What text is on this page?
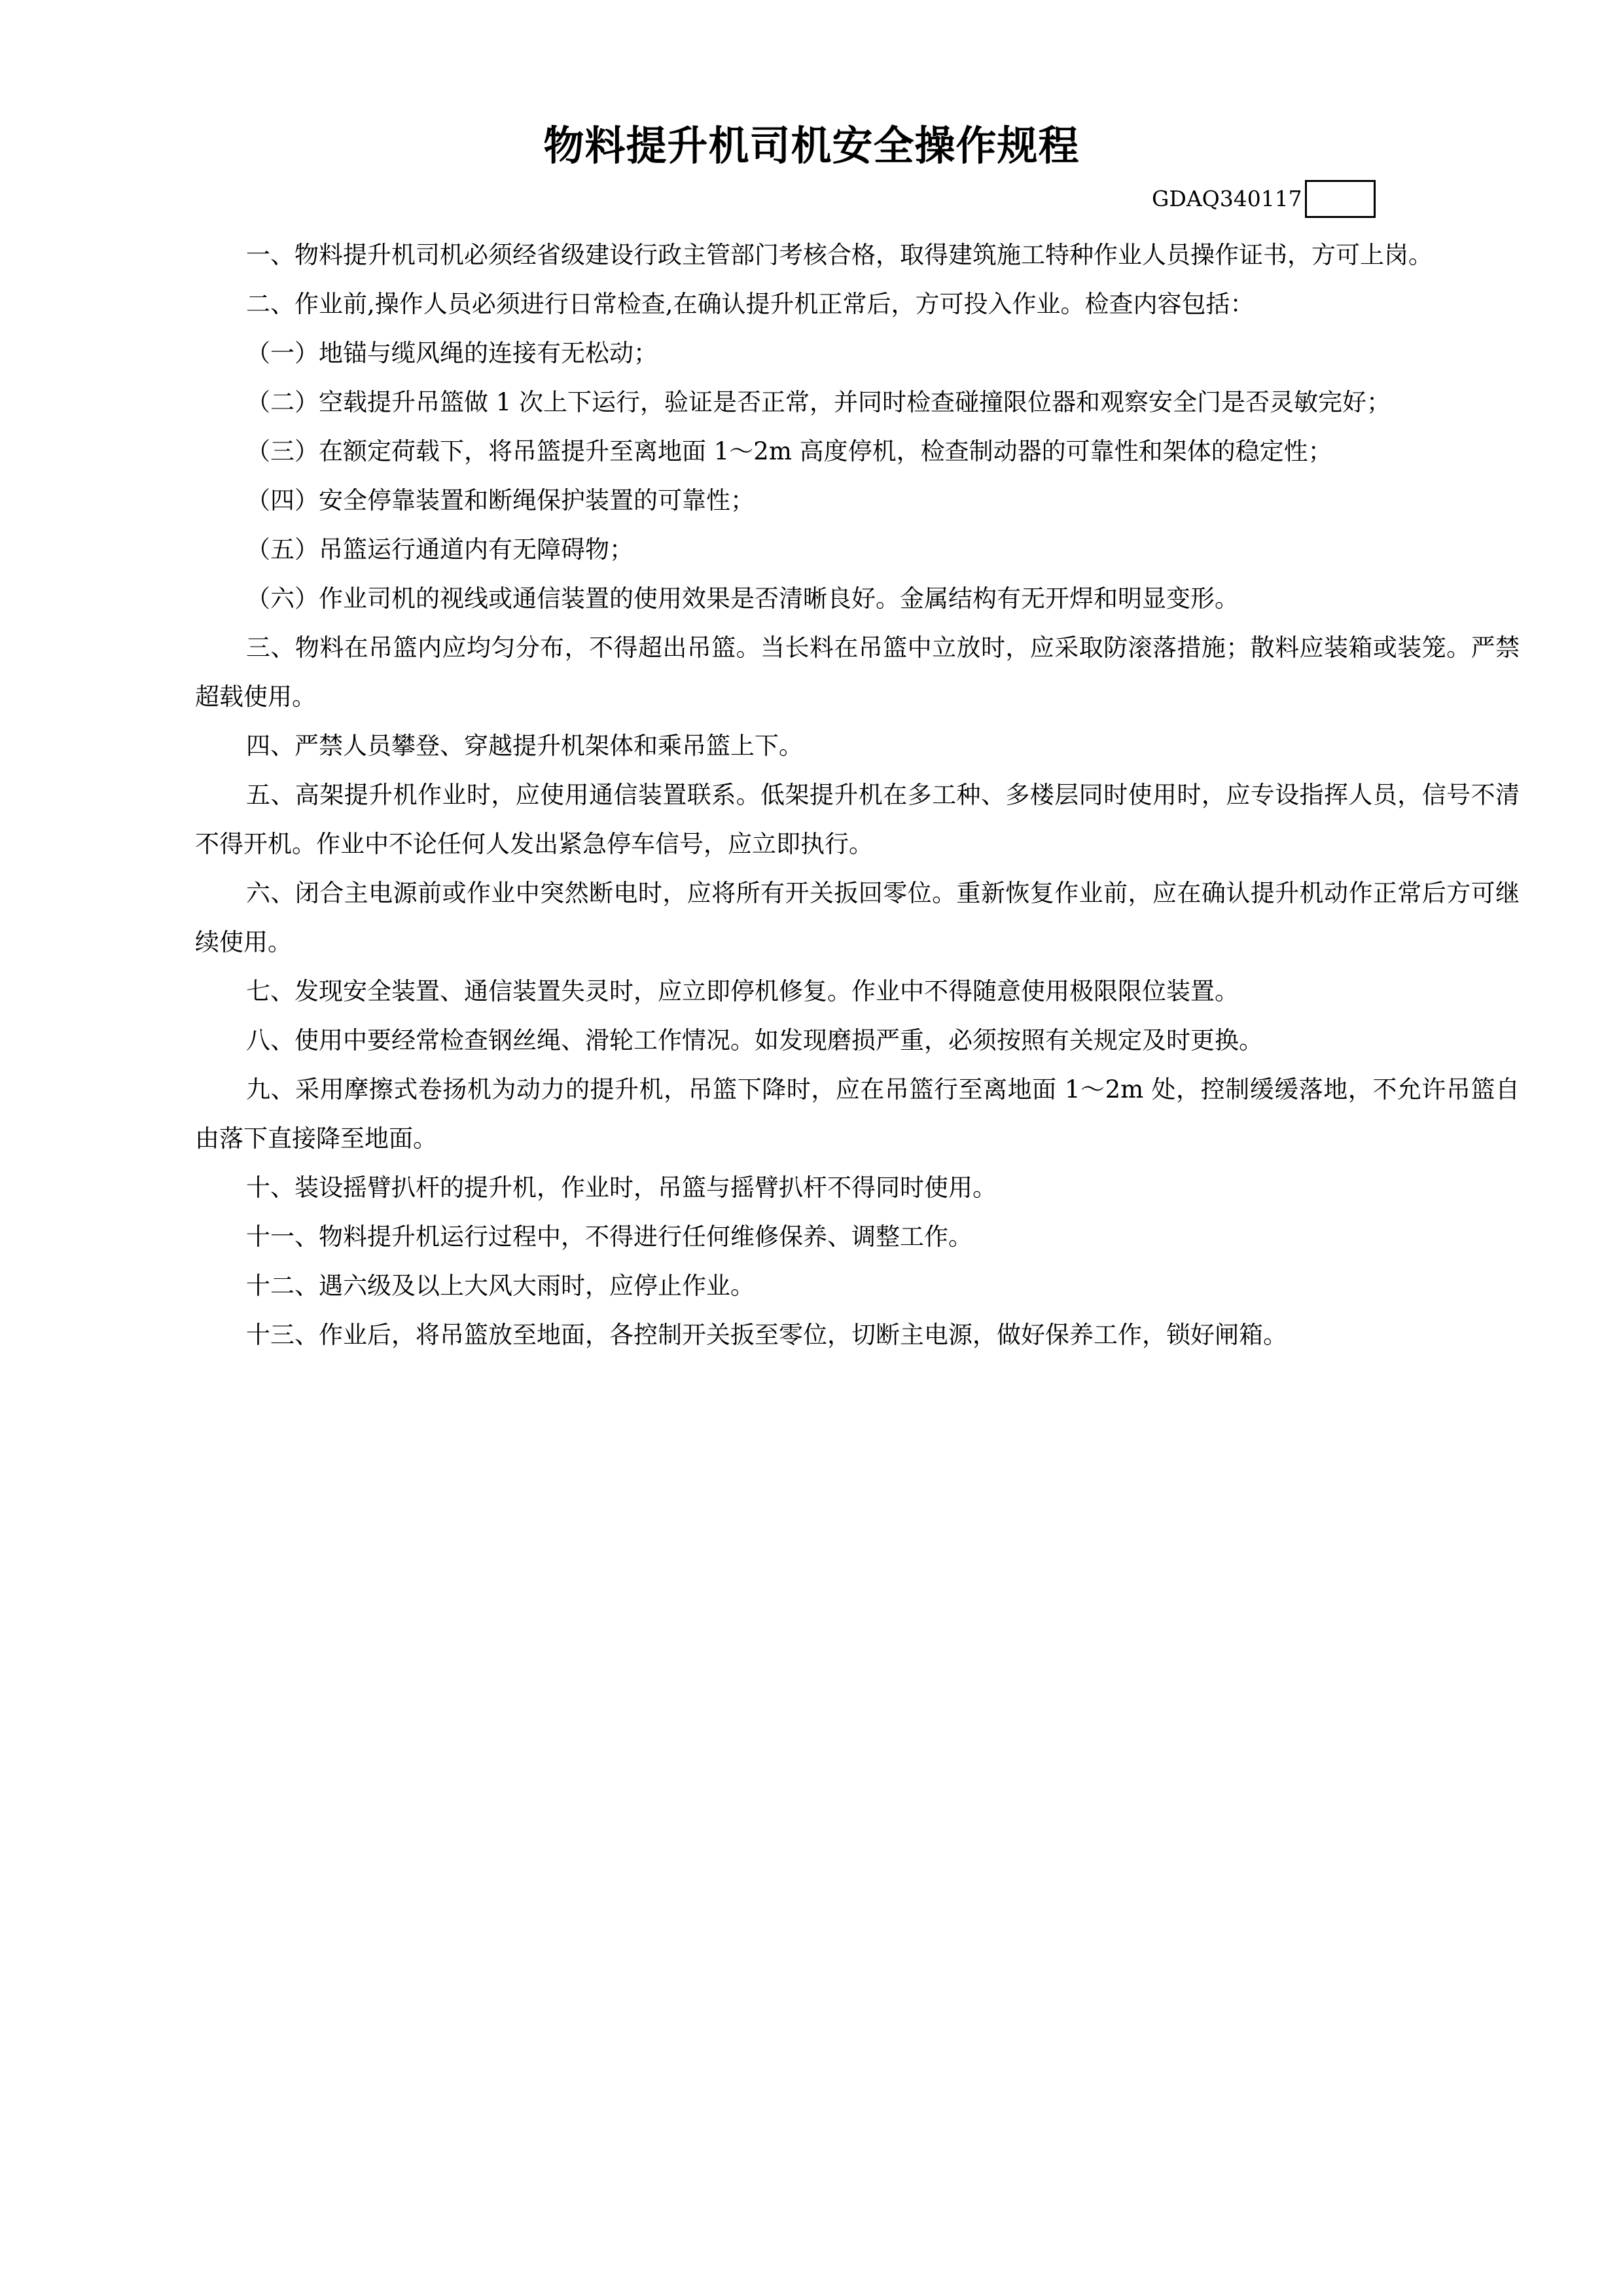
物料提升机司机安全操作规程
GDAQ340117

一、物料提升机司机必须经省级建设行政主管部门考核合格，取得建筑施工特种作业人员操作证书，方可上岗。

二、作业前,操作人员必须进行日常检查,在确认提升机正常后，方可投入作业。检查内容包括：

（一）地锚与缆风绳的连接有无松动；

（二）空载提升吊篮做 1 次上下运行，验证是否正常，并同时检查碰撞限位器和观察安全门是否灵敏完好；

（三）在额定荷载下，将吊篮提升至离地面 1～2m 高度停机，检查制动器的可靠性和架体的稳定性；

（四）安全停靠装置和断绳保护装置的可靠性；

（五）吊篮运行通道内有无障碍物；

（六）作业司机的视线或通信装置的使用效果是否清晰良好。金属结构有无开焊和明显变形。

三、物料在吊篮内应均匀分布，不得超出吊篮。当长料在吊篮中立放时，应采取防滚落措施；散料应装箱或装笼。严禁超载使用。

四、严禁人员攀登、穿越提升机架体和乘吊篮上下。

五、高架提升机作业时，应使用通信装置联系。低架提升机在多工种、多楼层同时使用时，应专设指挥人员，信号不清不得开机。作业中不论任何人发出紧急停车信号，应立即执行。

六、闭合主电源前或作业中突然断电时，应将所有开关扳回零位。重新恢复作业前，应在确认提升机动作正常后方可继续使用。

七、发现安全装置、通信装置失灵时，应立即停机修复。作业中不得随意使用极限限位装置。

八、使用中要经常检查钢丝绳、滑轮工作情况。如发现磨损严重，必须按照有关规定及时更换。

九、采用摩擦式卷扬机为动力的提升机，吊篮下降时，应在吊篮行至离地面 1～2m 处，控制缓缓落地，不允许吊篮自由落下直接降至地面。

十、装设摇臂扒杆的提升机，作业时，吊篮与摇臂扒杆不得同时使用。

十一、物料提升机运行过程中，不得进行任何维修保养、调整工作。

十二、遇六级及以上大风大雨时，应停止作业。

十三、作业后，将吊篮放至地面，各控制开关扳至零位，切断主电源，做好保养工作，锁好闸箱。
